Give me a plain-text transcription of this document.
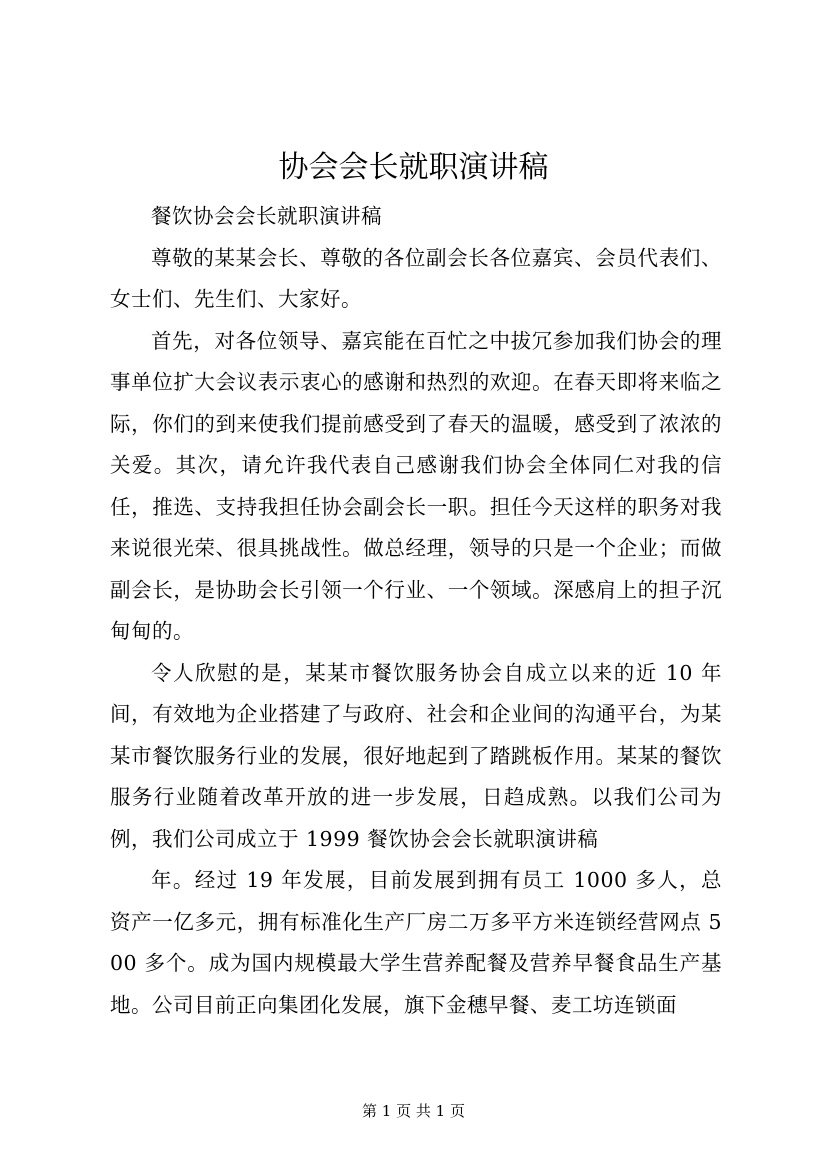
协会会长就职演讲稿

餐饮协会会长就职演讲稿

尊敬的某某会长、尊敬的各位副会长各位嘉宾、会员代表们、女士们、先生们、大家好。

首先，对各位领导、嘉宾能在百忙之中拔冗参加我们协会的理事单位扩大会议表示衷心的感谢和热烈的欢迎。在春天即将来临之际，你们的到来使我们提前感受到了春天的温暖，感受到了浓浓的关爱。其次，请允许我代表自己感谢我们协会全体同仁对我的信任，推选、支持我担任协会副会长一职。担任今天这样的职务对我来说很光荣、很具挑战性。做总经理，领导的只是一个企业；而做副会长，是协助会长引领一个行业、一个领域。深感肩上的担子沉甸甸的。

令人欣慰的是，某某市餐饮服务协会自成立以来的近 10 年间，有效地为企业搭建了与政府、社会和企业间的沟通平台，为某某市餐饮服务行业的发展，很好地起到了踏跳板作用。某某的餐饮服务行业随着改革开放的进一步发展，日趋成熟。以我们公司为例，我们公司成立于 1999 餐饮协会会长就职演讲稿

年。经过 19 年发展，目前发展到拥有员工 1000 多人，总资产一亿多元，拥有标准化生产厂房二万多平方米连锁经营网点 500 多个。成为国内规模最大学生营养配餐及营养早餐食品生产基地。公司目前正向集团化发展，旗下金穗早餐、麦工坊连锁面

第 1 页 共 1 页
